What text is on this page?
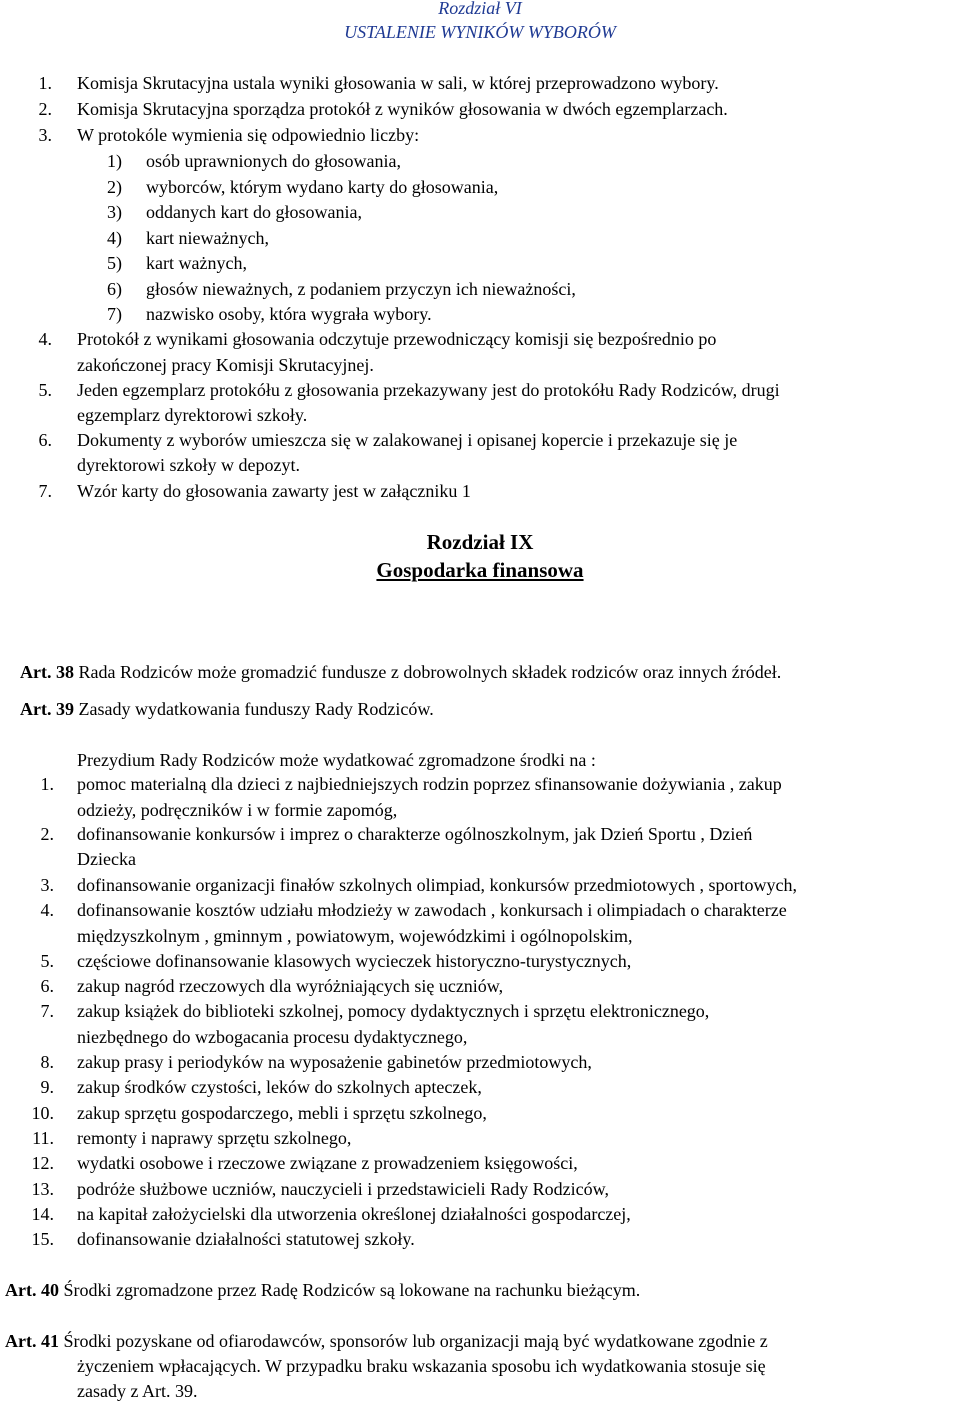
Rozdział VI
USTALENIE WYNIKÓW WYBORÓW
1. Komisja Skrutacyjna ustala wyniki głosowania w sali, w której przeprowadzono wybory.
2. Komisja Skrutacyjna sporządza protokół z wyników głosowania w dwóch egzemplarzach.
3. W protokóle wymienia się odpowiednio liczby:
1) osób uprawnionych do głosowania,
2) wyborców, którym wydano karty do głosowania,
3) oddanych kart do głosowania,
4) kart nieważnych,
5) kart ważnych,
6) głosów nieważnych, z podaniem przyczyn ich nieważności,
7) nazwisko osoby, która wygrała wybory.
4. Protokół z wynikami głosowania odczytuje przewodniczący komisji się bezpośrednio po
zakończonej pracy Komisji Skrutacyjnej.
5. Jeden egzemplarz protokółu z głosowania przekazywany jest do protokółu Rady Rodziców, drugi
egzemplarz dyrektorowi szkoły.
6. Dokumenty z wyborów umieszcza się w zalakowanej i opisanej kopercie i przekazuje się je
dyrektorowi szkoły w depozyt.
7. Wzór karty do głosowania zawarty jest w załączniku 1
Rozdział IX
Gospodarka finansowa
Art. 38 Rada Rodziców może gromadzić fundusze z dobrowolnych składek rodziców oraz innych źródeł.
Art. 39 Zasady wydatkowania funduszy Rady Rodziców.
Prezydium Rady Rodziców może wydatkować zgromadzone środki na :
1. pomoc materialną dla dzieci z najbiedniejszych rodzin poprzez sfinansowanie dożywiania , zakup
odzieży, podręczników i w formie zapomóg,
2. dofinansowanie konkursów i imprez o charakterze ogólnoszkolnym, jak Dzień Sportu , Dzień
Dziecka
3. dofinansowanie organizacji finałów szkolnych olimpiad, konkursów przedmiotowych , sportowych,
4. dofinansowanie kosztów udziału młodzieży w zawodach , konkursach i olimpiadach o charakterze
międzyszkolnym , gminnym , powiatowym, wojewódzkimi i ogólnopolskim,
5. częściowe dofinansowanie klasowych wycieczek historyczno-turystycznych,
6. zakup nagród rzeczowych dla wyróżniających się uczniów,
7. zakup książek do biblioteki szkolnej, pomocy dydaktycznych i sprzętu elektronicznego,
niezbędnego do wzbogacania procesu dydaktycznego,
8. zakup prasy i periodyków na wyposażenie gabinetów przedmiotowych,
9. zakup środków czystości, leków do szkolnych apteczek,
10. zakup sprzętu gospodarczego, mebli i sprzętu szkolnego,
11. remonty i naprawy sprzętu szkolnego,
12. wydatki osobowe i rzeczowe związane z prowadzeniem księgowości,
13. podróże służbowe uczniów, nauczycieli i przedstawicieli Rady Rodziców,
14. na kapitał założycielski dla utworzenia określonej działalności gospodarczej,
15. dofinansowanie działalności statutowej szkoły.
Art. 40 Środki zgromadzone przez Radę Rodziców są lokowane na rachunku bieżącym.
Art. 41 Środki pozyskane od ofiarodawców, sponsorów lub organizacji mają być wydatkowane zgodnie z
życzeniem wpłacających. W przypadku braku wskazania sposobu ich wydatkowania stosuje się
zasady z Art. 39.
